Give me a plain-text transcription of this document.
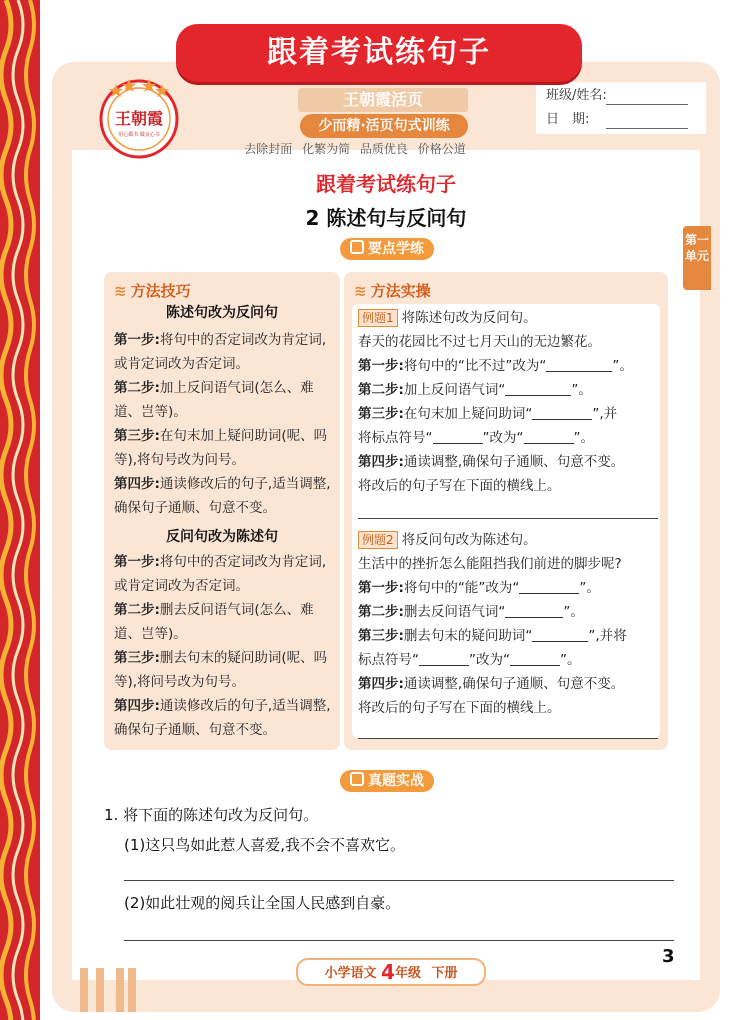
跟着考试练句子
王朝霞
用心做书 做良心书
王朝霞活页
少而精·活页句式训练
班级/姓名:
日　期:
去除封面 化繁为简 品质优良 价格公道
第一单元
跟着考试练句子
2 陈述句与反问句
要点学练
≋ 方法技巧
陈述句改为反问句
第一步:将句中的否定词改为肯定词,或肯定词改为否定词。
第二步:加上反问语气词(怎么、难道、岂等)。
第三步:在句末加上疑问助词(呢、吗等),将句号改为问号。
第四步:通读修改后的句子,适当调整,确保句子通顺、句意不变。
反问句改为陈述句
第一步:将句中的否定词改为肯定词,或肯定词改为否定词。
第二步:删去反问语气词(怎么、难道、岂等)。
第三步:删去句末的疑问助词(呢、吗等),将问号改为句号。
第四步:通读修改后的句子,适当调整,确保句子通顺、句意不变。
≋ 方法实操
例题1 将陈述句改为反问句。
春天的花园比不过七月天山的无边繁花。
第一步:将句中的“比不过”改为“	”。
第二步:加上反问语气词“	”。
第三步:在句末加上疑问助词“	”,并
将标点符号“	”改为“	”。
第四步:通读调整,确保句子通顺、句意不变。
将改后的句子写在下面的横线上。
例题2 将反问句改为陈述句。
生活中的挫折怎么能阻挡我们前进的脚步呢?
第一步:将句中的“能”改为“	”。
第二步:删去反问语气词“	”。
第三步:删去句末的疑问助词“	”,并将
标点符号“	”改为“	”。
第四步:通读调整,确保句子通顺、句意不变。
将改后的句子写在下面的横线上。
真题实战
1. 将下面的陈述句改为反问句。
(1)这只鸟如此惹人喜爱,我不会不喜欢它。
(2)如此壮观的阅兵让全国人民感到自豪。
小学语文 4年级 下册
3
